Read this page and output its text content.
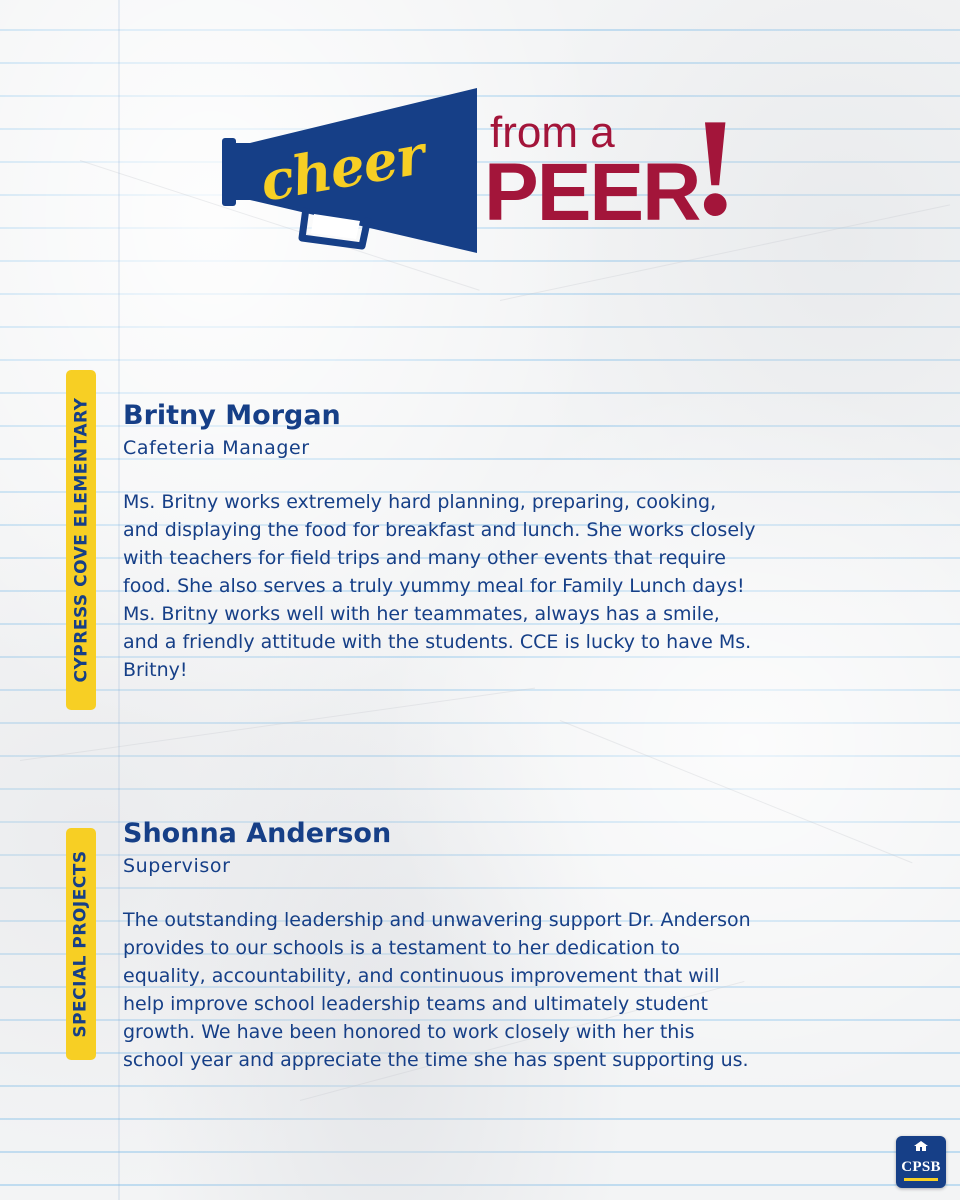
cheer from a
PEER
!
CYPRESS COVE ELEMENTARY Britny Morgan

Cafeteria Manager

Ms. Britny works extremely hard planning, preparing, cooking,
and displaying the food for breakfast and lunch. She works closely
with teachers for field trips and many other events that require
food. She also serves a truly yummy meal for Family Lunch days!
Ms. Britny works well with her teammates, always has a smile,
and a friendly attitude with the students. CCE is lucky to have Ms.
Britny!

SPECIAL PROJECTS

Shonna Anderson

Supervisor

The outstanding leadership and unwavering support Dr. Anderson
provides to our schools is a testament to her dedication to
equality, accountability, and continuous improvement that will
help improve school leadership teams and ultimately student
growth. We have been honored to work closely with her this
school year and appreciate the time she has spent supporting us.

CPSB
